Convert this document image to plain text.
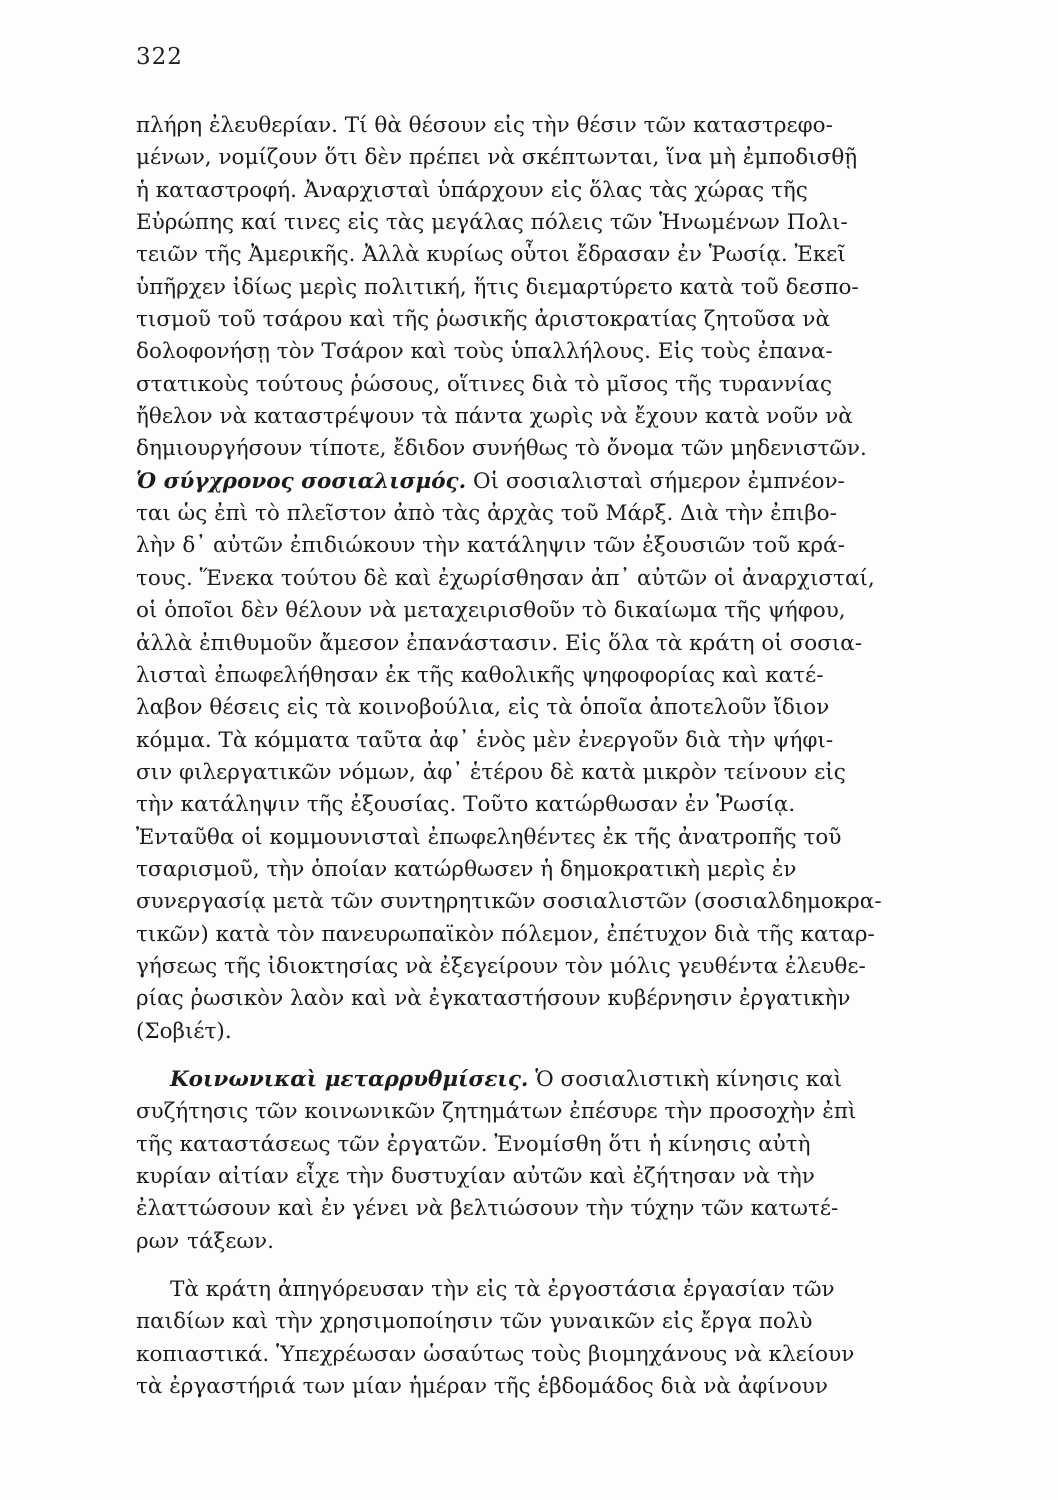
322
πλήρη ἐλευθερίαν. Τί θὰ θέσουν εἰς τὴν θέσιν τῶν καταστρεφο-
μένων, νομίζουν ὅτι δὲν πρέπει νὰ σκέπτωνται, ἵνα μὴ ἐμποδισθῇ
ἡ καταστροφή. Ἀναρχισταὶ ὑπάρχουν εἰς ὅλας τὰς χώρας τῆς
Εὐρώπης καί τινες εἰς τὰς μεγάλας πόλεις τῶν Ἡνωμένων Πολι-
τειῶν τῆς Ἀμερικῆς. Ἀλλὰ κυρίως οὗτοι ἔδρασαν ἐν Ῥωσίᾳ. Ἐκεῖ
ὑπῆρχεν ἰδίως μερὶς πολιτική, ἥτις διεμαρτύρετο κατὰ τοῦ δεσπο-
τισμοῦ τοῦ τσάρου καὶ τῆς ῥωσικῆς ἀριστοκρατίας ζητοῦσα νὰ
δολοφονήσῃ τὸν Τσάρον καὶ τοὺς ὑπαλλήλους. Εἰς τοὺς ἐπανα-
στατικοὺς τούτους ῥώσους, οἵτινες διὰ τὸ μῖσος τῆς τυραννίας
ἤθελον νὰ καταστρέψουν τὰ πάντα χωρὶς νὰ ἔχουν κατὰ νοῦν νὰ
δημιουργήσουν τίποτε, ἔδιδον συνήθως τὸ ὄνομα τῶν μηδενιστῶν.
Ὁ σύγχρονος σοσιαλισμός. Οἱ σοσιαλισταὶ σήμερον ἐμπνέον-
ται ὡς ἐπὶ τὸ πλεῖστον ἀπὸ τὰς ἀρχὰς τοῦ Μάρξ. Διὰ τὴν ἐπιβο-
λὴν δ᾽ αὐτῶν ἐπιδιώκουν τὴν κατάληψιν τῶν ἐξουσιῶν τοῦ κρά-
τους. Ἕνεκα τούτου δὲ καὶ ἐχωρίσθησαν ἀπ᾽ αὐτῶν οἱ ἀναρχισταί,
οἱ ὁποῖοι δὲν θέλουν νὰ μεταχειρισθοῦν τὸ δικαίωμα τῆς ψήφου,
ἀλλὰ ἐπιθυμοῦν ἄμεσον ἐπανάστασιν. Εἰς ὅλα τὰ κράτη οἱ σοσια-
λισταὶ ἐπωφελήθησαν ἐκ τῆς καθολικῆς ψηφοφορίας καὶ κατέ-
λαβον θέσεις εἰς τὰ κοινοβούλια, εἰς τὰ ὁποῖα ἀποτελοῦν ἴδιον
κόμμα. Τὰ κόμματα ταῦτα ἀφ᾽ ἑνὸς μὲν ἐνεργοῦν διὰ τὴν ψήφι-
σιν φιλεργατικῶν νόμων, ἀφ᾽ ἑτέρου δὲ κατὰ μικρὸν τείνουν εἰς
τὴν κατάληψιν τῆς ἐξουσίας. Τοῦτο κατώρθωσαν ἐν Ῥωσίᾳ.
Ἐνταῦθα οἱ κομμουνισταὶ ἐπωφεληθέντες ἐκ τῆς ἀνατροπῆς τοῦ
τσαρισμοῦ, τὴν ὁποίαν κατώρθωσεν ἡ δημοκρατικὴ μερὶς ἐν
συνεργασίᾳ μετὰ τῶν συντηρητικῶν σοσιαλιστῶν (σοσιαλδημοκρα-
τικῶν) κατὰ τὸν πανευρωπαϊκὸν πόλεμον, ἐπέτυχον διὰ τῆς καταρ-
γήσεως τῆς ἰδιοκτησίας νὰ ἐξεγείρουν τὸν μόλις γευθέντα ἐλευθε-
ρίας ῥωσικὸν λαὸν καὶ νὰ ἐγκαταστήσουν κυβέρνησιν ἐργατικὴν
(Σοβιέτ).
Κοινωνικαὶ μεταρρυθμίσεις. Ὁ σοσιαλιστικὴ κίνησις καὶ
συζήτησις τῶν κοινωνικῶν ζητημάτων ἐπέσυρε τὴν προσοχὴν ἐπὶ
τῆς καταστάσεως τῶν ἐργατῶν. Ἐνομίσθη ὅτι ἡ κίνησις αὐτὴ
κυρίαν αἰτίαν εἶχε τὴν δυστυχίαν αὐτῶν καὶ ἐζήτησαν νὰ τὴν
ἐλαττώσουν καὶ ἐν γένει νὰ βελτιώσουν τὴν τύχην τῶν κατωτέ-
ρων τάξεων.
Τὰ κράτη ἀπηγόρευσαν τὴν εἰς τὰ ἐργοστάσια ἐργασίαν τῶν
παιδίων καὶ τὴν χρησιμοποίησιν τῶν γυναικῶν εἰς ἔργα πολὺ
κοπιαστικά. Ὑπεχρέωσαν ὡσαύτως τοὺς βιομηχάνους νὰ κλείουν
τὰ ἐργαστήριά των μίαν ἡμέραν τῆς ἑβδομάδος διὰ νὰ ἀφίνουν
